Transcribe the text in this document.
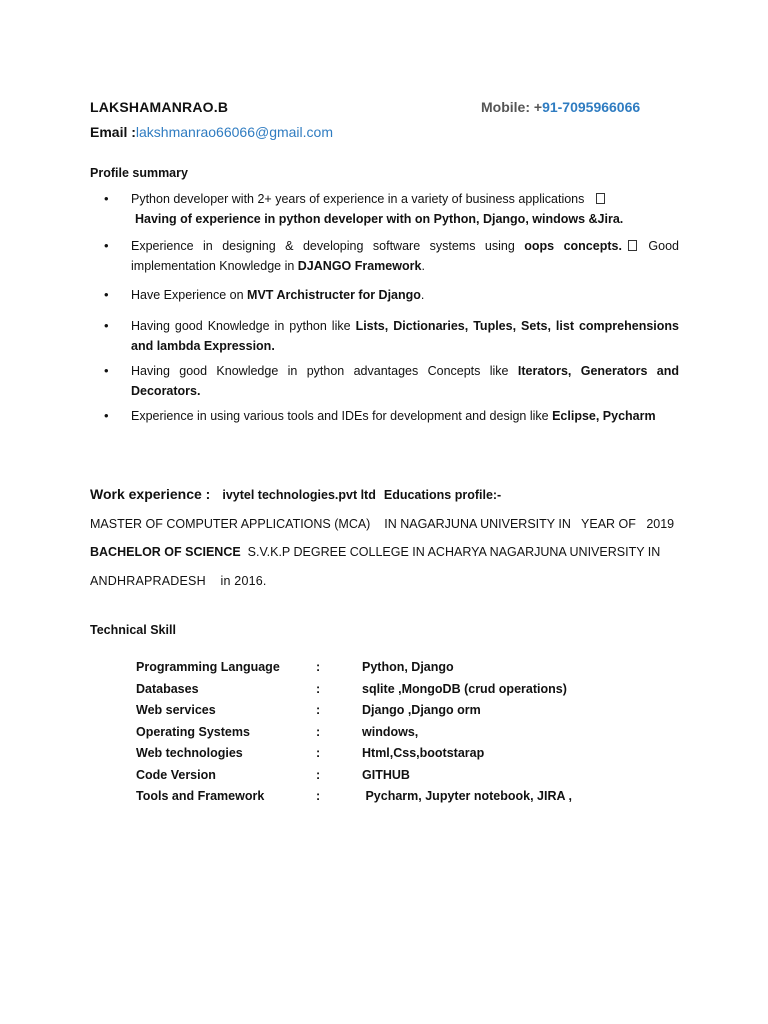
LAKSHAMANRAO.B	Mobile: +91-7095966066
Email :lakshmanrao66066@gmail.com
Profile summary
• Python developer with 2+ years of experience in a variety of business applications
Having of experience in python developer with on Python, Django, windows &Jira.
• Experience in designing & developing software systems using oops concepts. Good implementation Knowledge in DJANGO Framework.
• Have Experience on MVT Archistructer for Django.
• Having good Knowledge in python like Lists, Dictionaries, Tuples, Sets, list comprehensions and lambda Expression.
• Having good Knowledge in python advantages Concepts like Iterators, Generators and Decorators.
• Experience in using various tools and IDEs for development and design like Eclipse, Pycharm
Work experience : ivytel technologies.pvt ltd Educations profile:-
MASTER OF COMPUTER APPLICATIONS (MCA)    IN NAGARJUNA UNIVERSITY IN   YEAR OF   2019
BACHELOR OF SCIENCE  S.V.K.P DEGREE COLLEGE IN ACHARYA NAGARJUNA UNIVERSITY IN
ANDHRAPRADESH    in 2016.
Technical Skill
Programming Language	:	Python, Django
Databases	:	sqlite ,MongoDB (crud operations)
Web services	:	Django ,Django orm
Operating Systems	:	windows,
Web technologies	:	Html,Css,bootstarap
Code Version	:	GITHUB
Tools and Framework	:	Pycharm, Jupyter notebook, JIRA ,
